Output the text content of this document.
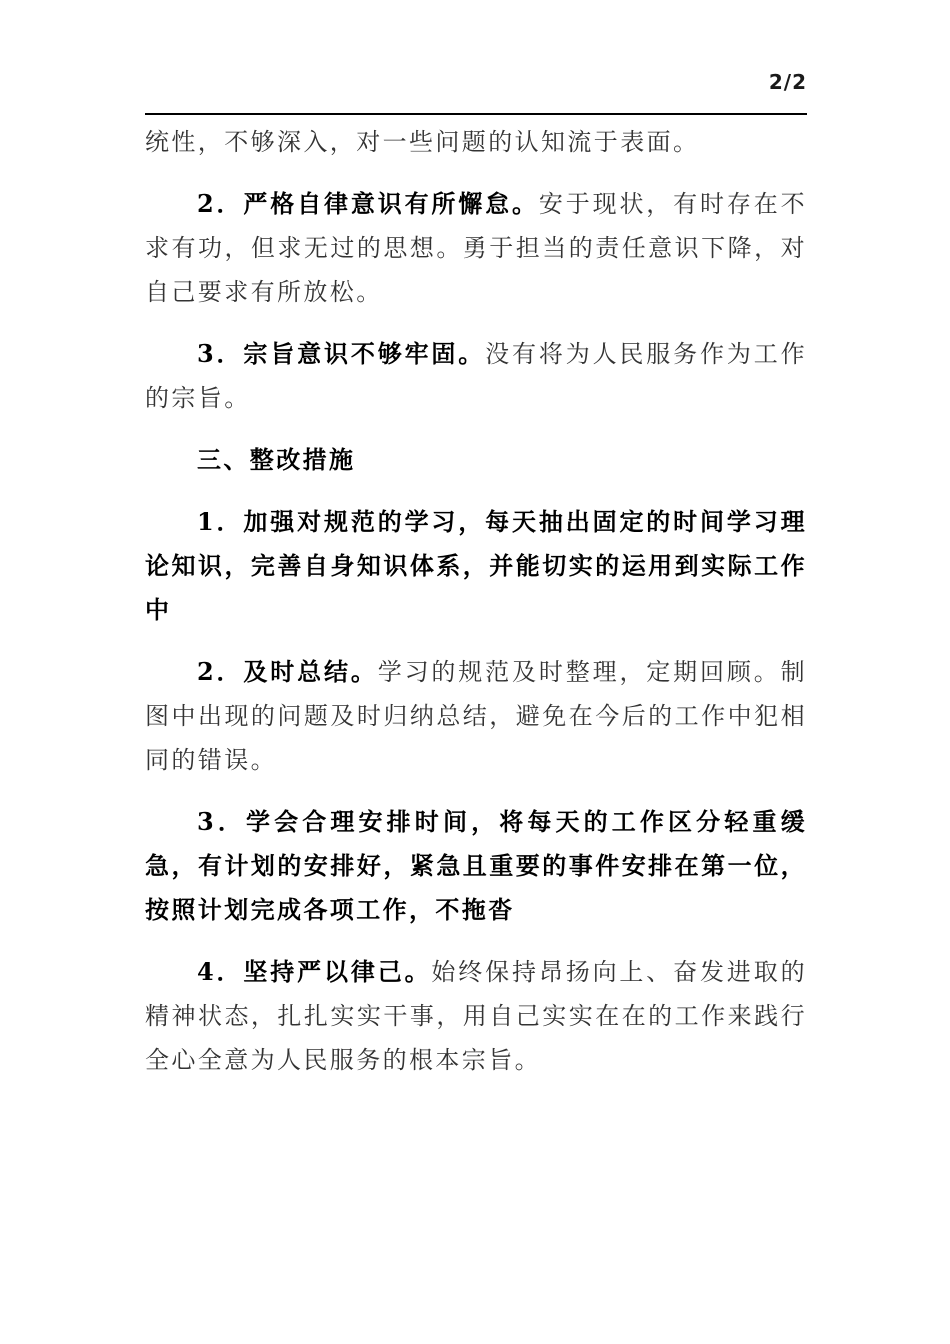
2/2

统性，不够深入，对一些问题的认知流于表面。

2．严格自律意识有所懈怠。安于现状，有时存在不求有功，但求无过的思想。勇于担当的责任意识下降，对自己要求有所放松。

3．宗旨意识不够牢固。没有将为人民服务作为工作的宗旨。

三、整改措施

1．加强对规范的学习，每天抽出固定的时间学习理论知识，完善自身知识体系，并能切实的运用到实际工作中

2．及时总结。学习的规范及时整理，定期回顾。制图中出现的问题及时归纳总结，避免在今后的工作中犯相同的错误。

3．学会合理安排时间，将每天的工作区分轻重缓急，有计划的安排好，紧急且重要的事件安排在第一位，按照计划完成各项工作，不拖沓

4．坚持严以律己。始终保持昂扬向上、奋发进取的精神状态，扎扎实实干事，用自己实实在在的工作来践行全心全意为人民服务的根本宗旨。
